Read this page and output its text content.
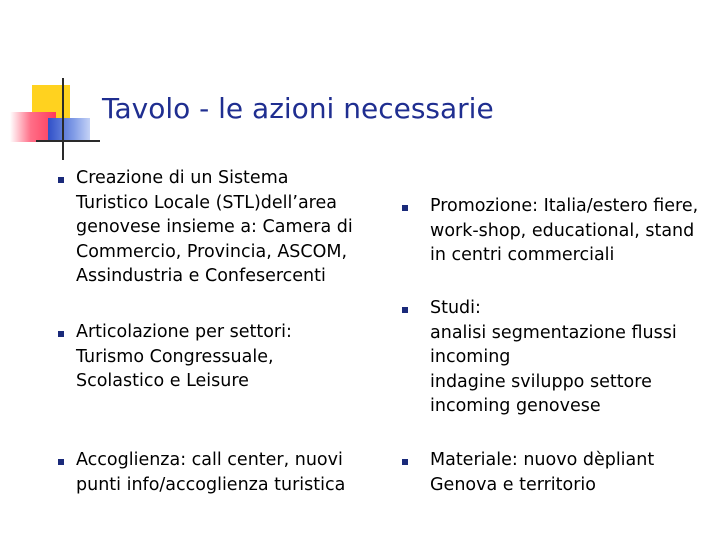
Tavolo - le azioni necessarie
Creazione di un Sistema
Turistico Locale (STL)dell’area
genovese insieme a: Camera di
Commercio, Provincia, ASCOM,
Assindustria e Confesercenti
Articolazione per settori:
Turismo Congressuale,
Scolastico e Leisure
Accoglienza: call center, nuovi
punti info/accoglienza turistica
Promozione: Italia/estero fiere,
work-shop, educational, stand
in centri commerciali
Studi:
analisi segmentazione flussi
incoming
indagine sviluppo settore
incoming genovese
Materiale: nuovo dèpliant
Genova e territorio
